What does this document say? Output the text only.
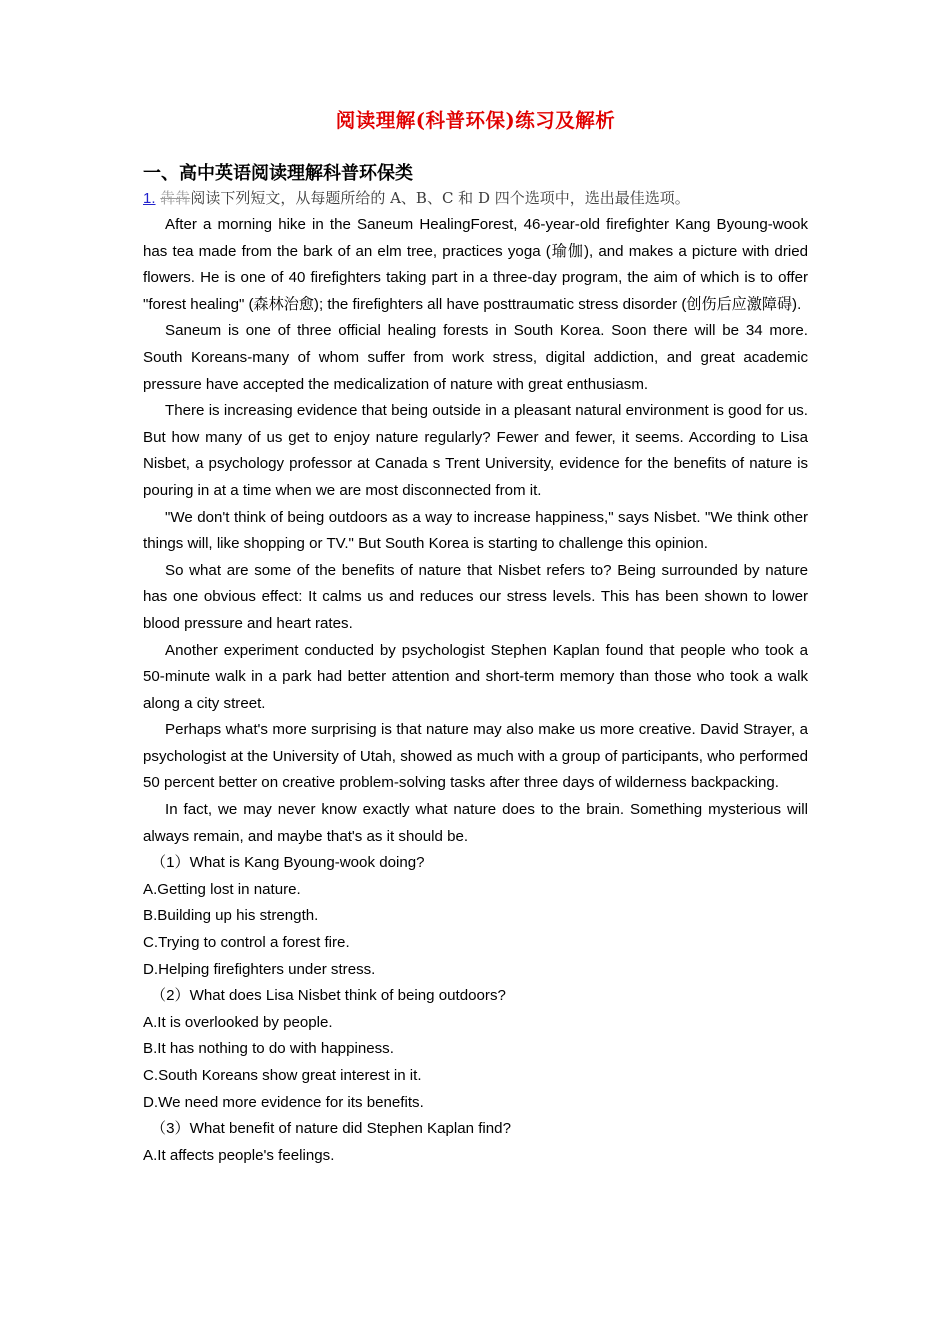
阅读理解(科普环保)练习及解析
一、高中英语阅读理解科普环保类

1. 犇犇阅读下列短文，从每题所给的 A、B、C 和 D 四个选项中，选出最佳选项。

After a morning hike in the Saneum HealingForest, 46-year-old firefighter Kang Byoung-wook has tea made from the bark of an elm tree, practices yoga (瑜伽), and makes a picture with dried flowers. He is one of 40 firefighters taking part in a three-day program, the aim of which is to offer "forest healing" (森林治愈); the firefighters all have posttraumatic stress disorder (创伤后应激障碍).

Saneum is one of three official healing forests in South Korea. Soon there will be 34 more. South Koreans-many of whom suffer from work stress, digital addiction, and great academic pressure have accepted the medicalization of nature with great enthusiasm.

There is increasing evidence that being outside in a pleasant natural environment is good for us. But how many of us get to enjoy nature regularly? Fewer and fewer, it seems. According to Lisa Nisbet, a psychology professor at Canada s Trent University, evidence for the benefits of nature is pouring in at a time when we are most disconnected from it.

"We don't think of being outdoors as a way to increase happiness," says Nisbet. "We think other things will, like shopping or TV." But South Korea is starting to challenge this opinion.

So what are some of the benefits of nature that Nisbet refers to? Being surrounded by nature has one obvious effect: It calms us and reduces our stress levels. This has been shown to lower blood pressure and heart rates.

Another experiment conducted by psychologist Stephen Kaplan found that people who took a 50-minute walk in a park had better attention and short-term memory than those who took a walk along a city street.

Perhaps what's more surprising is that nature may also make us more creative. David Strayer, a psychologist at the University of Utah, showed as much with a group of participants, who performed 50 percent better on creative problem-solving tasks after three days of wilderness backpacking.

In fact, we may never know exactly what nature does to the brain. Something mysterious will always remain, and maybe that's as it should be.

（1）What is Kang Byoung-wook doing?

A.Getting lost in nature.

B.Building up his strength.

C.Trying to control a forest fire.

D.Helping firefighters under stress.

（2）What does Lisa Nisbet think of being outdoors?

A.It is overlooked by people.

B.It has nothing to do with happiness.

C.South Koreans show great interest in it.

D.We need more evidence for its benefits.

（3）What benefit of nature did Stephen Kaplan find?

A.It affects people's feelings.
